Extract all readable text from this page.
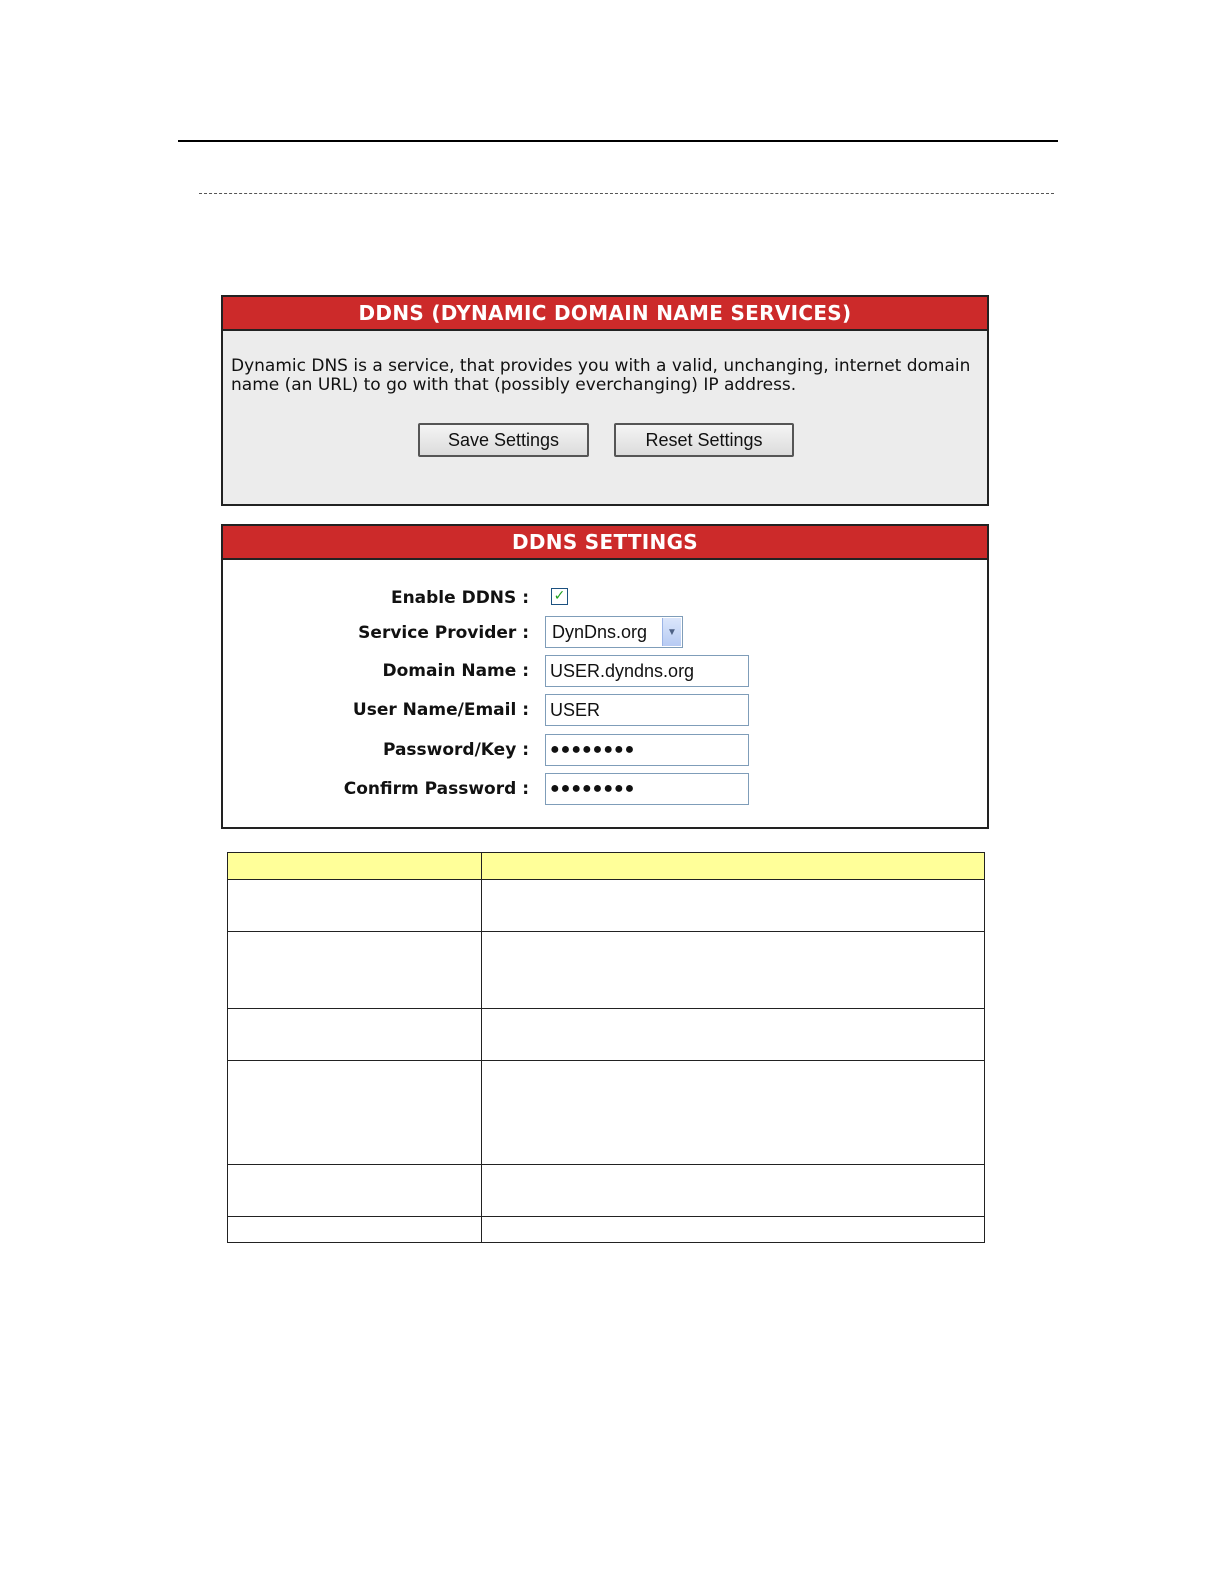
DDNS (DYNAMIC DOMAIN NAME SERVICES)
Dynamic DNS is a service, that provides you with a valid, unchanging, internet domain name (an URL) to go with that (possibly everchanging) IP address.
Save Settings	Reset Settings
DDNS SETTINGS
Enable DDNS : ✓
Service Provider : DynDns.org	▼
Domain Name : USER.dyndns.org
User Name/Email : USER
Password/Key :	●●●●●●●●
Confirm Password :	●●●●●●●●
